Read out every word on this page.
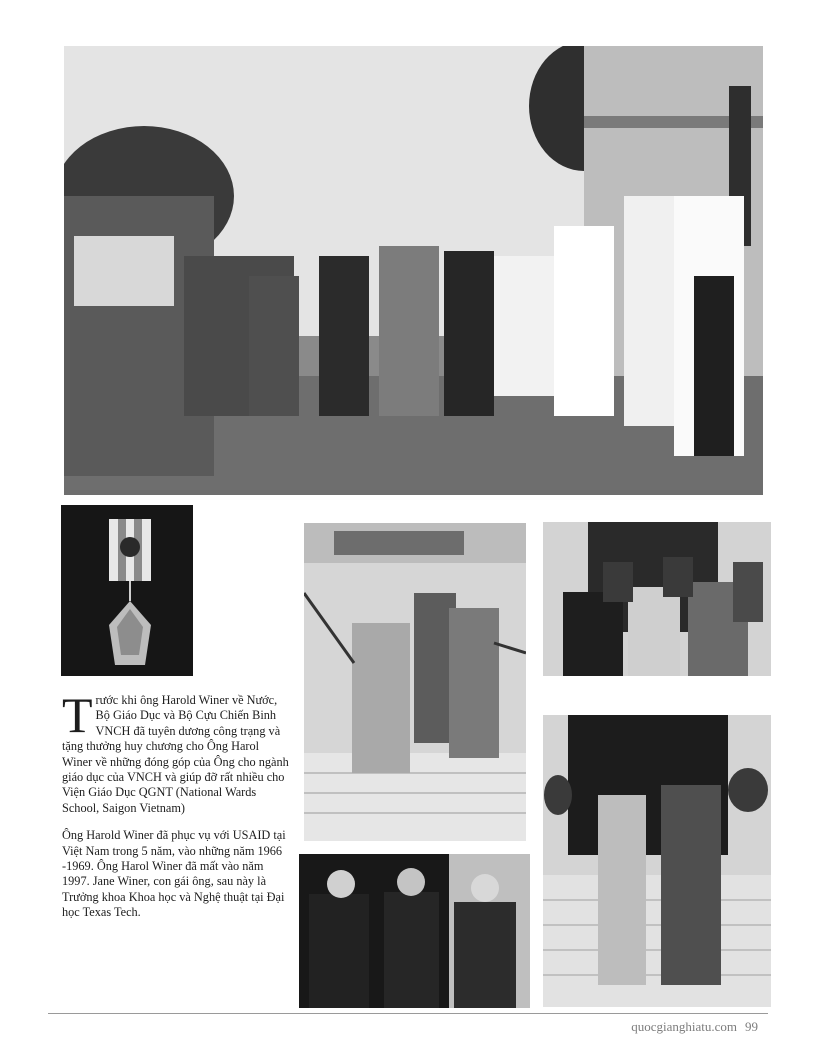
Trước khi ông Harold Winer về Nước, Bộ Giáo Dục và Bộ Cựu Chiến Binh VNCH đã tuyên dương công trạng và tặng thưởng huy chương cho Ông Harol Winer về những đóng góp của Ông cho ngành giáo dục của VNCH và giúp đỡ rất nhiều cho Viện Giáo Dục QGNT (National Wards School, Saigon Vietnam)

Ông Harold Winer đã phục vụ với USAID tại Việt Nam trong 5 năm, vào những năm 1966 -1969. Ông Harol Winer đã mất vào năm 1997. Jane Winer, con gái ông, sau này là Trưởng khoa Khoa học và Nghệ thuật tại Đại học Texas Tech.

quocgianghiatu.com 99
